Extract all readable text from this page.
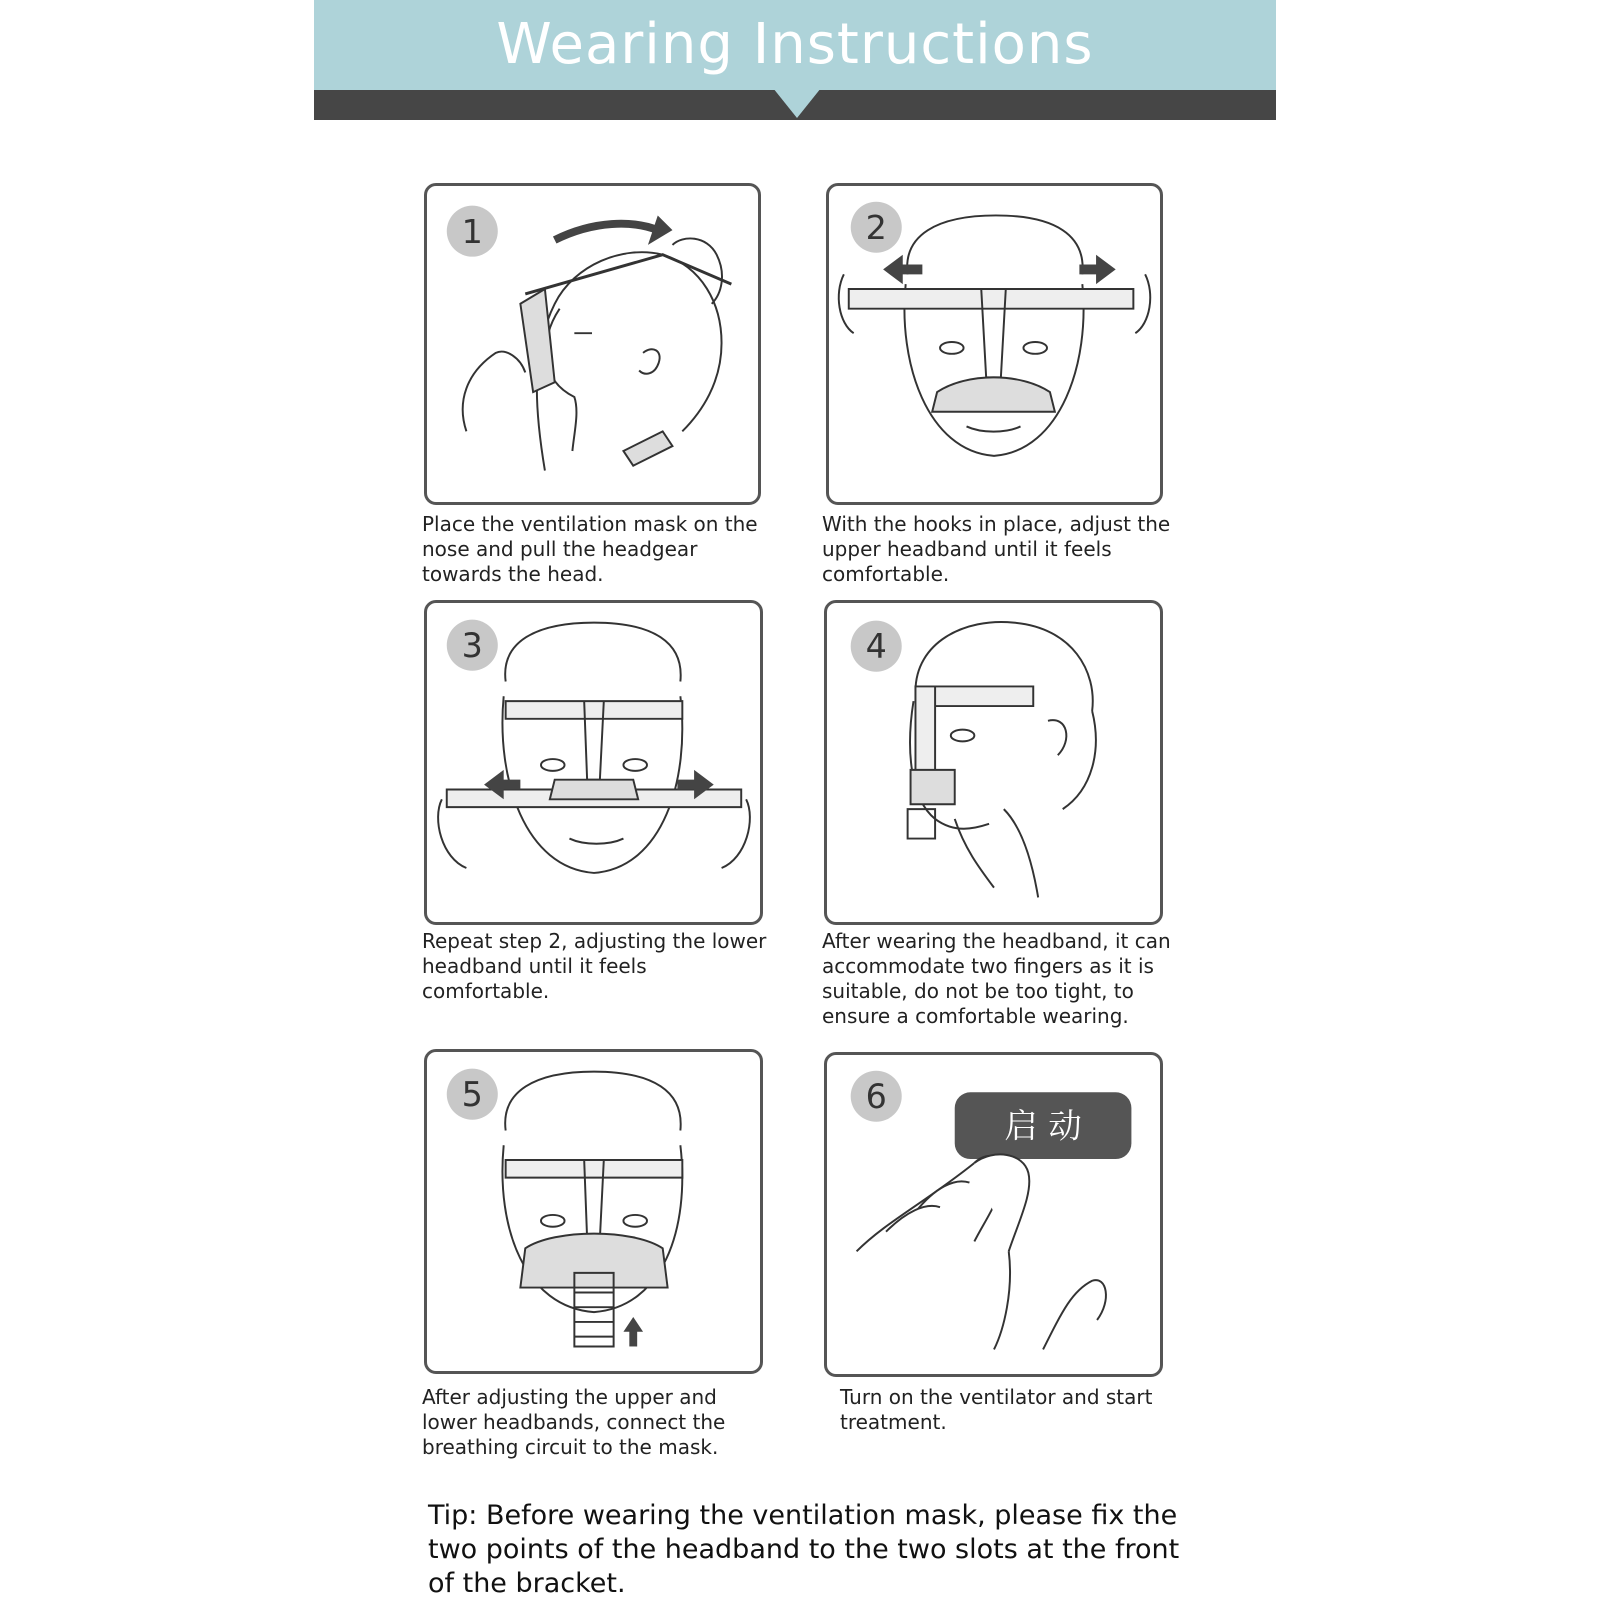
Wearing Instructions
1
Place the ventilation mask on the nose and pull the headgear towards the head.
2
With the hooks in place, adjust the upper headband until it feels comfortable.
3
Repeat step 2, adjusting the lower headband until it feels comfortable.
4
After wearing the headband, it can accommodate two fingers as it is suitable, do not be too tight, to ensure a comfortable wearing.
5
After adjusting the upper and lower headbands, connect the breathing circuit to the mask.
启 动
6
Turn on the ventilator and start treatment.
Tip: Before wearing the ventilation mask, please fix the two points of the headband to the two slots at the front of the bracket.
